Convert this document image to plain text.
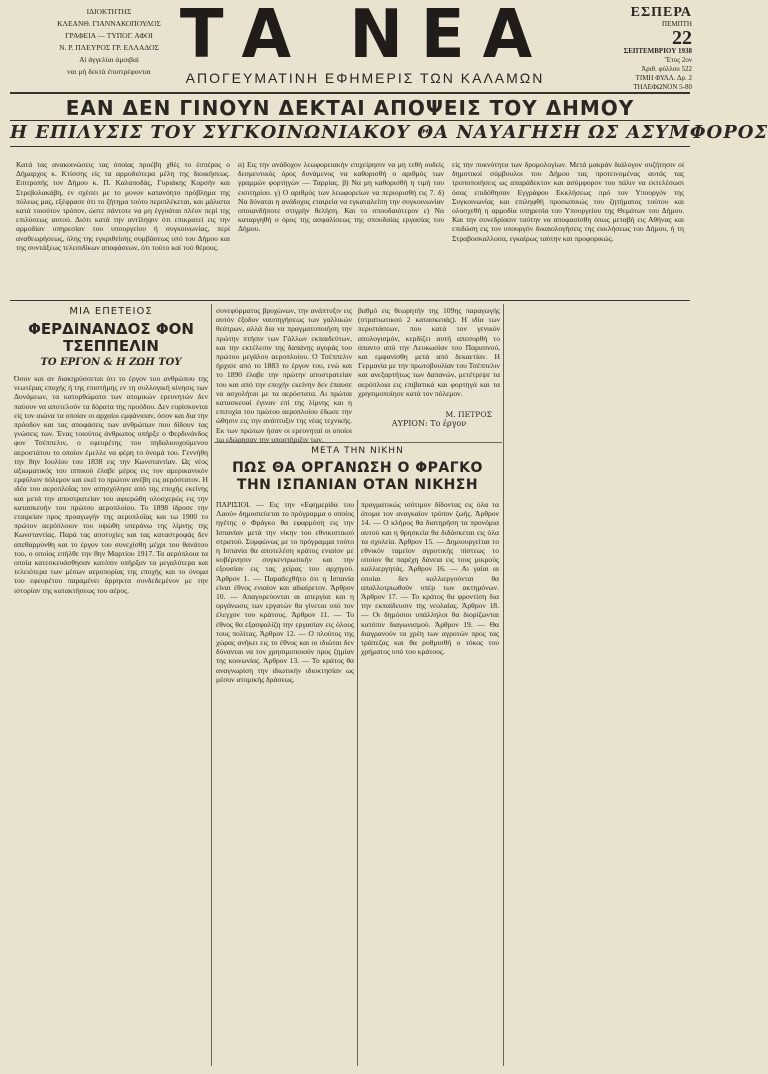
ΙΔΙΟΚΤΗΤΗΣ
ΚΛΕΑΝΘ. ΓΙΑΝΝΑΚΟΠΟΥΛΟΣ
ΓΡΑΦΕΙΑ — ΤΥΠΟΓ. ΑΦΟΙ
Ν. Ρ. ΠΛΕΥΡΟΣ ΓΡ. ΕΛΛΑΔΟΣ
Αἱ ἀγγελίαι ἀμοιβαί
ναι μὴ δεκτὰ ἐπιστρέφονται ΤΑ ΝΕΑ
ΑΠΟΓΕΥΜΑΤΙΝΗ ΕΦΗΜΕΡΙΣ ΤΩΝ ΚΑΛΑΜΩΝ
ΕΣΠΕΡΑ
ΠΕΜΠΤΗ
22
ΣΕΠΤΕΜΒΡΙΟΥ 1938
Ἔτος 2ον
Ἀριθ. φύλλου 522
ΤΙΜΗ ΦΥΛΛ. Δρ. 2
ΤΗΛΕΦΩΝΟΝ 5-80
ΕΑΝ ΔΕΝ ΓΙΝΟΥΝ ΔΕΚΤΑΙ ΑΠΟΨΕΙΣ ΤΟΥ ΔΗΜΟΥ
Η ΕΠΙΛΥΣΙΣ ΤΟΥ ΣΥΓΚΟΙΝΩΝΙΑΚΟΥ ΘΑ ΝΑΥΑΓΗΣΗ ΩΣ ΑΣΥΜΦΟΡΟΣ
Κατά τας ανακοινώσεις τας όποίας προέβη χθές το έσπέρας ο Δήμαρχος κ. Κτίσσης είς τα αρμοδιότερα μέλη της διοικήσεως. Επιτροπής τον Δήμου κ. Π. Καλαποδάς, Γυριάκης Κορσήν και Στρεβολακάβη, εν σχέσει με το μονον κατανόητο πρόβλημα της πόλεως μας, εξέφρασε ότι το ζήτημα τούτο περιπλέκεται, και μάλιστα κατά τοιούτον τρόπον, ώστε πάντοτε να μη έγγυάται πλέον περί της επιλύσεως αυτού. Διότι κατά την αντίληψιν ότι επικρατεί εις την αρμοδίαν υπηρεσίαν του υπουργείου ή συγκοινωνίας, περί αναθεωρήσεως, όλης της εγκριθείσης συμβάσεως υπό του Δήμου και της συντάξεως τελεσιδίκων αποφάσεων, ότι τούτο καί τού θέρους.
α) Εις την ανάδοχον λεωφορειακήν επιχείρησιν να μη τεθή ουδείς δεσμευτικός όρος δυνάμενος να καθορισθή ο αριθμός των γραμμών φορτηγών — Ταρρίας. β) Να μη καθορισθή η τιμή του εισιτηρίου. γ) Ο αριθμός των λεωφορείων να περιορισθή εις 7. δ) Να δύναται η ανάδοχος εταιρεία να εγκαταλείπη την συγκοινωνίαν οποιανδήποτε στιγμήν θελήση. Και το σπουδαιότερον ε) Να καταργηθή ο όρος της ασφαλίσεως της σπουδαίας εργασίας του Δήμου.
είς την πυκνότητα των δρομολογίων. Μετά μακράν διάλογον συζήτησιν οί δημοτικοί σύμβουλοι του Δήμου τας προτεινομένας αυτάς τας τροποποιήσεις ως απαράδεκτον και ασύμφορον του πάλιν να εκτελέσωσι όσας επιδόθησαν Εγγράφου Εκκλήσεως πρό τον Υπουργόν της Συγκοινωνίας και επιληφθή προσωπικώς του ζητήματος τούτου και ολοσχεθή η αρμοδία υπηρεσία του Υπουργείου της Θεμάτων του Δήμου. Και την συνεδρίασιν ταύτην να αποφασίσθη όπως μεταβή εις Αθήνας και επιδώση εις τον υπουργόν δικαιολογήσεις της εκκλήσεως του Δήμου, ή τη Στραβοσκαλλοσα, εγκαίρως ταύτην και προφορικώς.
ΜΙΑ ΕΠΕΤΕΙΟΣ
ΦΕΡΔΙΝΑΝΔΟΣ ΦΟΝ ΤΣΕΠΠΕΛΙΝ
ΤΟ ΕΡΓΟΝ & Η ΖΩΗ ΤΟΥ
Όσον και αν διακηρύσσεται ότι το έργον του ανθρώπου της νεωτέρας εποχής ή της επιστήμης εν τη συλλογική κίνησις των Δυνάμεων, τα κατορθώματα των ατομικών ερευνητών δεν παύουν να αποτελούν τα δόρατα της προόδου. Δεν ευρίσκονται είς τον αιώνα τα οποίαν οι αρχαίοι εμφάνισαν, όσον και δια την πρόοδον και τας αποφάσεις των ανθρώπων που δίδουν τας γνώσεις των. Ένας τοιούτος άνθρωπος υπήρξε ο Φερδινάνδος φον Τσέππελιν, ο εφευρέτης του πηδαλιουχούμενου αεροστάτου το οποίον έμελλε να φέρη το όνομά του. Γεννήθη την 8ην Ιουλίου του 1838 εις την Κωνσταντίαν. Ως νέος αξιωματικός του ιππικού έλαβε μέρος εις τον αμερικανικόν εμφύλιον πόλεμον και εκεί το πρώτον ανέβη εις αερόστατον. Η ιδέα του αεροπλοΐας τον απησχόλησε από της εποχής εκείνης και μετά την αποστρατείαν του αφιερώθη ολοσχερώς εις την κατασκευήν του πρώτου αεροπλοίου. Το 1898 ίδρυσε την εταιρείαν προς προαγωγήν της αεροπλοΐας και τω 1900 το πρώτον αερόπλοιον του υψώθη υπεράνω της λίμνης της Κωνσταντίας. Παρά τας αποτυχίες και τας καταστροφάς δεν απεθαρρύνθη και το έργον του συνεχίσθη μέχρι του θανάτου του, ο οποίος επήλθε την 8ην Μαρτίου 1917. Τα αερόπλοια τα οποία κατεσκευάσθησαν κατόπιν υπήρξαν τα μεγαλύτερα και τελειότερα των μέσων αεροπορίας της εποχής και το όνομα του εφευρέτου παραμένει άρρηκτα συνδεδεμένον με την ιστορίαν της κατακτήσεως του αέρος.
συνεφύρματος βρυχώνων, την ανάπτυξιν εις αυτόν έξοδον ναυπηγήσεως των γαλλικών θεάτρων, αλλά δια να πραγματοποιήση την πρώτην πτήσιν των Γάλλων εκπαιδεύτων, και την εκτέλεσιν της δαπάνης αγοράς του πρώτου μεγάλου αεροπλοίου. Ο Τσέππελιν ήρχισε από το 1883 το έργον του, ενώ και το 1890 έλαβε την πρώτην αποστρατείαν του και από την εποχήν εκείνην δεν έπαυσε να ασχολήται με τα αερόστατα. Αι πρώται κατασκευαί έγιναν επί της λίμνης και η επιτυχία του πρώτου αεροπλοίου έδωσε την ώθησιν εις την ανάπτυξιν της νέας τεχνικής. Εκ των πρώτων ήσαν οι ερευνηταί οι οποίοι τω εδώρησαν την υποστήριξιν των.
βαθμό εις θεωρητήν της 109ης παραγωγής (στρατιωτικού 2 κατασκευάς). Η ιδία των περιστάσεων, που κατά τον γενικόν απολογισμόν, κερδίζει αυτή απεσυρθή το άπαντο από την Λευκωσίαν του Παρισινού, και εμφανίσθη μετά από δεκαετίαν. Η Γερμανία με την πρωτοβουλίαν του Τσέππελιν και ανεξαρτήτως των δαπανών, μετέτρεψε τα αερόπλοια εις επιβατικά και φορτηγά και τα χρησιμοποίησε κατά τον πόλεμον.
Μ. ΠΕΤΡΟΣ
ΑΥΡΙΟΝ: Το έργον
ΜΕΤΑ ΤΗΝ ΝΙΚΗΝ
ΠΩΣ ΘΑ ΟΡΓΑΝΩΣΗ Ο ΦΡΑΓΚΟ ΤΗΝ ΙΣΠΑΝΙΑΝ ΟΤΑΝ ΝΙΚΗΣΗ
ΠΑΡΙΣΙΟΙ. — Εις την «Εφημερίδα του Λαού» δημοσιεύεται το πρόγραμμα ο οποίος ηγέτης ο Φράγκο θα εφαρμόση εις την Ισπανίαν μετά την νίκην του εθνικιστικού στρατού. Συμφώνως με το πρόγραμμα τούτο η Ισπανία θα αποτελέση κράτος ενιαίον με κυβέρνησιν συγκεντρωτικήν και την εξουσίαν εις τας χείρας του αρχηγού. Άρθρον 1. — Παραδεχθήτο ότι η Ισπανία είναι έθνος ενιαίον και αδιαίρετον. Άρθρον 10. — Απαγορεύονται αι απεργίαι και η οργάνωσις των εργατών θα γίνεται υπό τον έλεγχον του κράτους. Άρθρον 11. — Το έθνος θα εξασφαλίζη την εργασίαν εις όλους τους πολίτας. Άρθρον 12. — Ο πλούτος της χώρας ανήκει εις το έθνος και οι ιδιώται δεν δύνανται να τον χρησιμοποιούν προς ζημίαν της κοινωνίας. Άρθρον 13. — Το κράτος θα αναγνωρίση την ιδιωτικήν ιδιοκτησίαν ως μέσον ατομικής δράσεως.
πραγματικώς ισότιμον δίδοντας εις όλα τα άτομα τον αναγκαίον τρόπον ζωής. Άρθρον 14. — Ο κλήρος θα διατηρήση τα προνόμια αυτού και η θρησκεία θα διδάσκεται εις όλα τα σχολεία. Άρθρον 15. — Δημιουργείται το εθνικόν ταμείον αγροτικής πίστεως το οποίον θα παρέχη δάνεια εις τους μικρούς καλλιεργητάς. Άρθρον 16. — Αι γαίαι αι οποίαι δεν καλλιεργούνται θα απαλλοτριωθούν υπέρ των ακτημόνων. Άρθρον 17. — Το κράτος θα φροντίση δια την εκπαίδευσιν της νεολαίας. Άρθρον 18. — Οι δημόσιοι υπάλληλοι θα διορίζωνται κατόπιν διαγωνισμού. Άρθρον 19. — Θα διαγρανούν τα χρέη των αγροτών προς τας τράπεζας και θα ρυθμισθή ο τόκος του χρήματος υπό του κράτους.
